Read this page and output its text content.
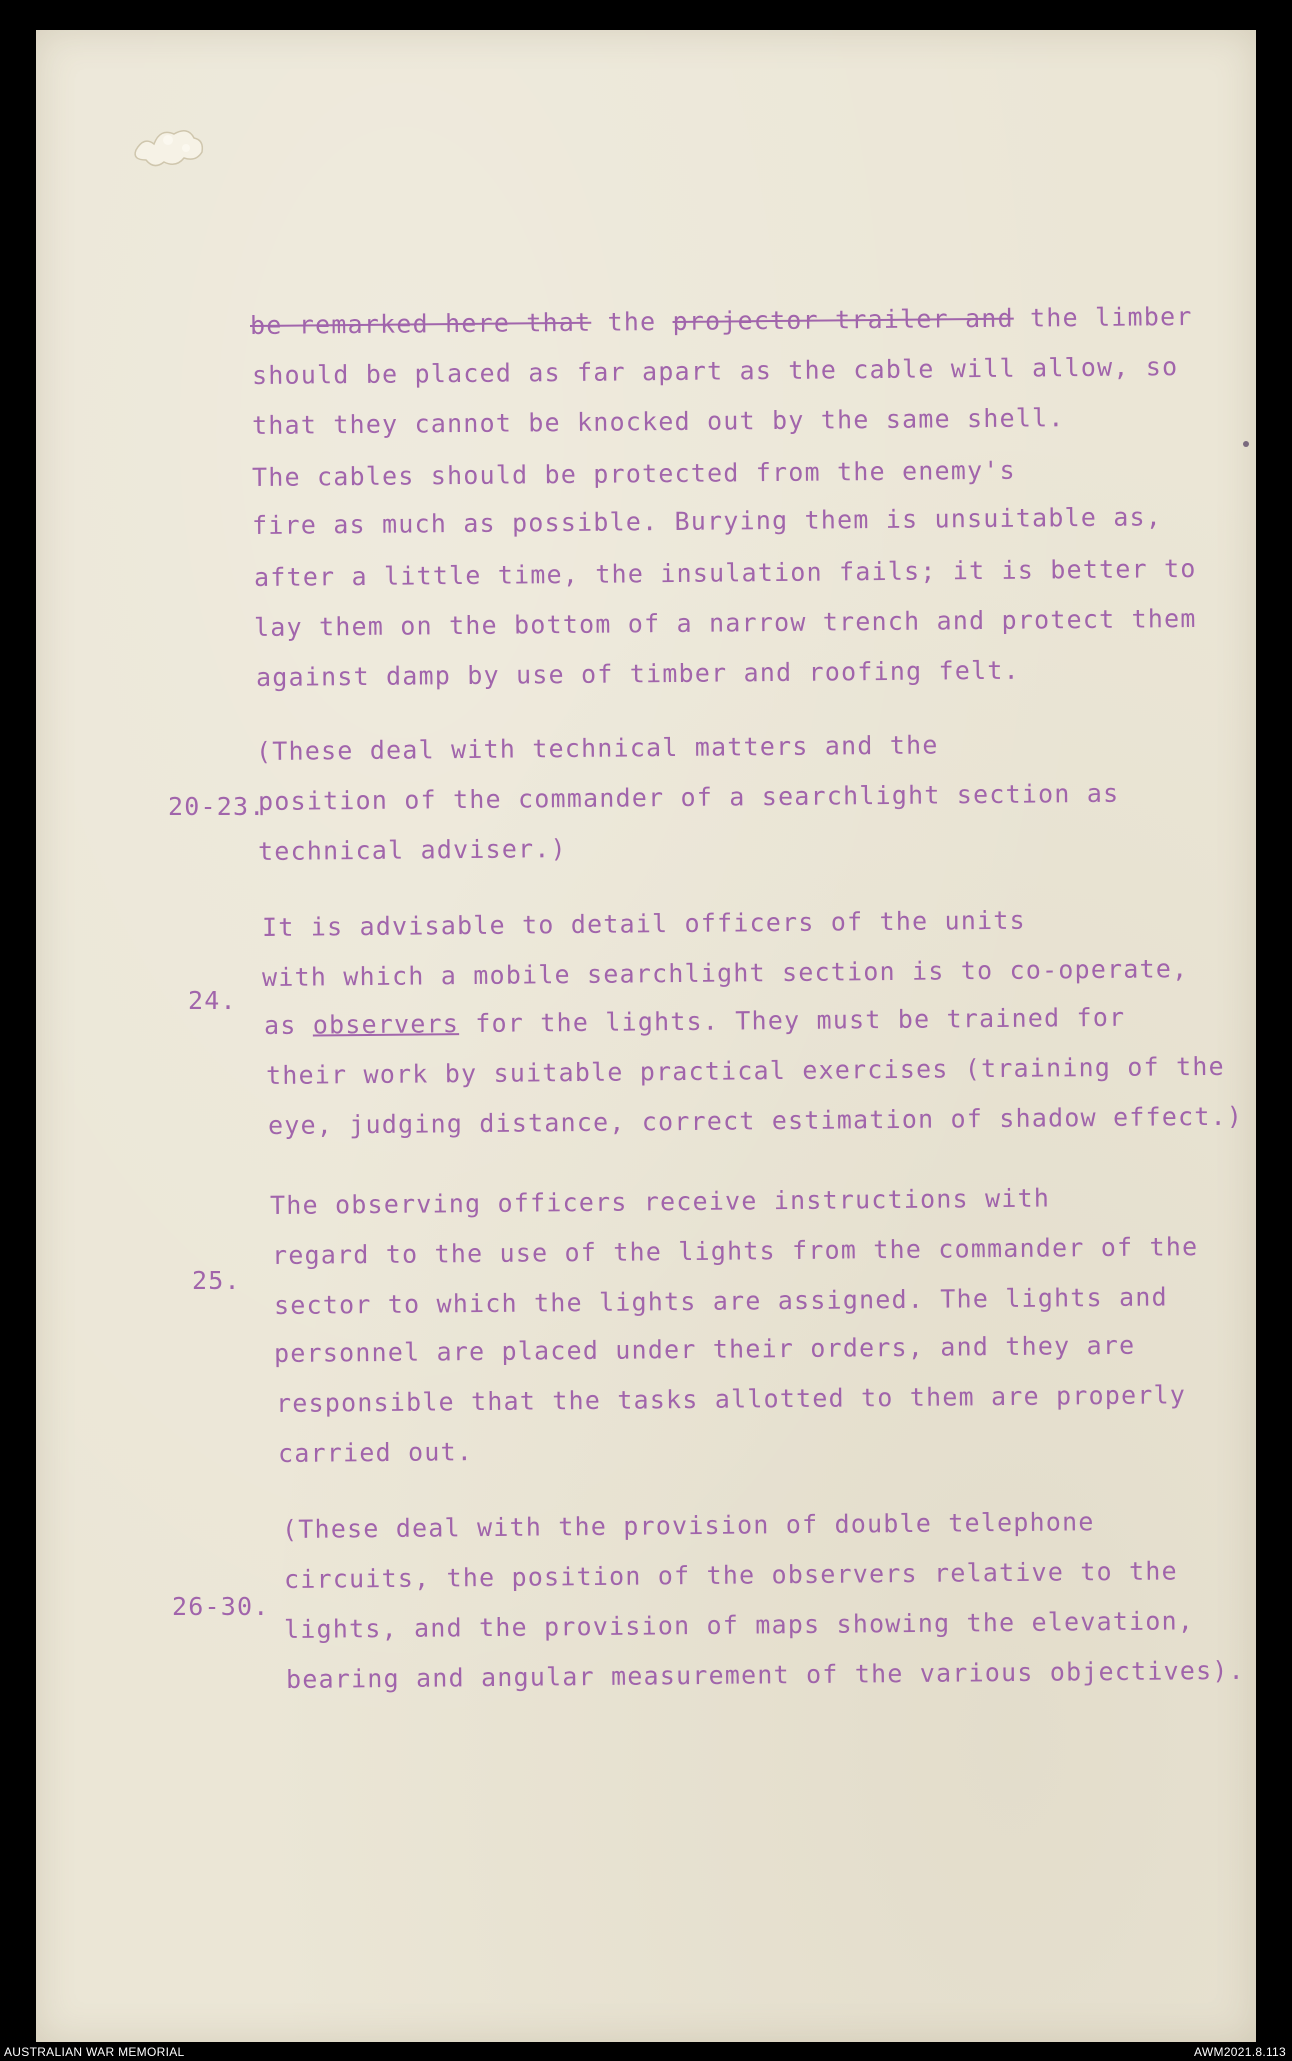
20-23.
24.
25.
26-30.
be remarked here that the projector trailer and the limber
should be placed as far apart as the cable will allow, so
that they cannot be knocked out by the same shell.
The cables should be protected from the enemy's
fire as much as possible. Burying them is unsuitable as,
after a little time, the insulation fails; it is better to
lay them on the bottom of a narrow trench and protect them
against damp by use of timber and roofing felt.
(These deal with technical matters and the
position of the commander of a searchlight section as
technical adviser.)
It is advisable to detail officers of the units
with which a mobile searchlight section is to co-operate,
as observers for the lights. They must be trained for
their work by suitable practical exercises (training of the
eye, judging distance, correct estimation of shadow effect.)
The observing officers receive instructions with
regard to the use of the lights from the commander of the
sector to which the lights are assigned. The lights and
personnel are placed under their orders, and they are
responsible that the tasks allotted to them are properly
carried out.
(These deal with the provision of double telephone
circuits, the position of the observers relative to the
lights, and the provision of maps showing the elevation,
bearing and angular measurement of the various objectives).
AUSTRALIAN WAR MEMORIAL	AWM2021.8.113
